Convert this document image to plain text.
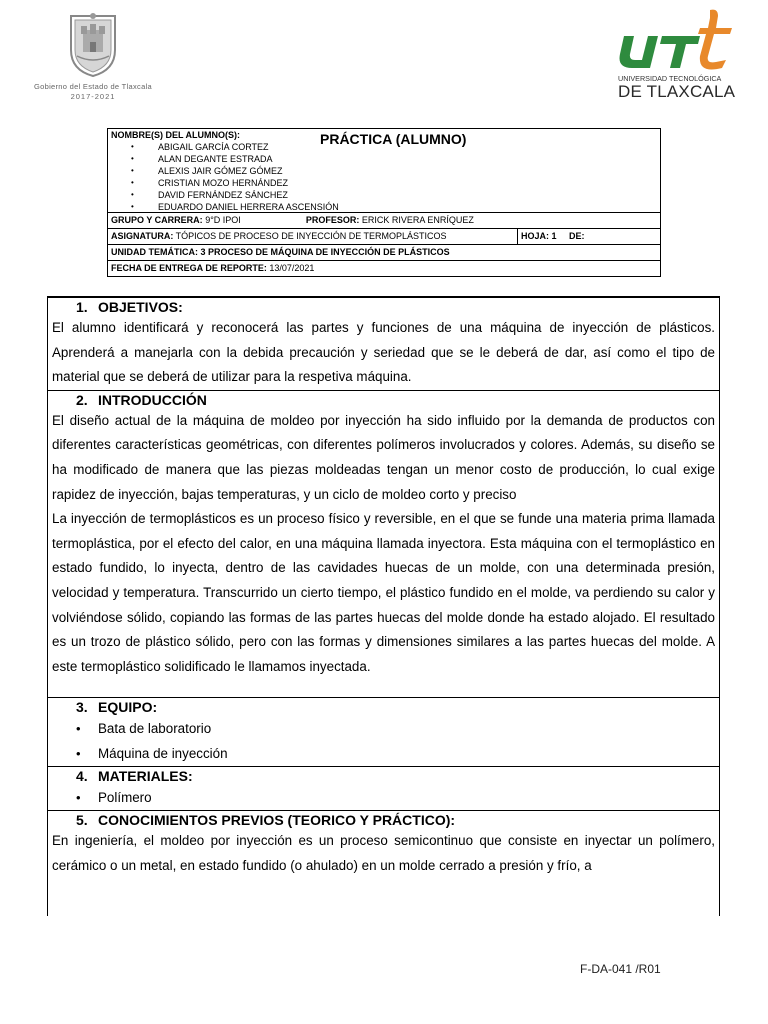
Gobierno del Estado de Tlaxcala
2017-2021
UNIVERSIDAD TECNOLÓGICA
DE TLAXCALA
NOMBRE(S) DEL ALUMNO(S):	PRÁCTICA (ALUMNO)
• ABIGAIL GARCÍA CORTEZ
• ALAN DEGANTE ESTRADA
• ALEXIS JAIR GÓMEZ GÓMEZ
• CRISTIAN MOZO HERNÁNDEZ
• DAVID FERNÁNDEZ SÁNCHEZ
• EDUARDO DANIEL HERRERA ASCENSIÓN
GRUPO Y CARRERA: 9°D IPOI	PROFESOR: ERICK RIVERA ENRÍQUEZ
ASIGNATURA: TÓPICOS DE PROCESO DE INYECCIÓN DE TERMOPLÁSTICOS	HOJA: 1 DE:
UNIDAD TEMÁTICA: 3 PROCESO DE MÁQUINA DE INYECCIÓN DE PLÁSTICOS
FECHA DE ENTREGA DE REPORTE: 13/07/2021
1. OBJETIVOS:

El alumno identificará y reconocerá las partes y funciones de una máquina de inyección de plásticos. Aprenderá a manejarla con la debida precaución y seriedad que se le deberá de dar, así como el tipo de material que se deberá de utilizar para la respetiva máquina.

2. INTRODUCCIÓN

El diseño actual de la máquina de moldeo por inyección ha sido influido por la demanda de productos con diferentes características geométricas, con diferentes polímeros involucrados y colores. Además, su diseño se ha modificado de manera que las piezas moldeadas tengan un menor costo de producción, lo cual exige rapidez de inyección, bajas temperaturas, y un ciclo de moldeo corto y preciso

La inyección de termoplásticos es un proceso físico y reversible, en el que se funde una materia prima llamada termoplástica, por el efecto del calor, en una máquina llamada inyectora. Esta máquina con el termoplástico en estado fundido, lo inyecta, dentro de las cavidades huecas de un molde, con una determinada presión, velocidad y temperatura. Transcurrido un cierto tiempo, el plástico fundido en el molde, va perdiendo su calor y volviéndose sólido, copiando las formas de las partes huecas del molde donde ha estado alojado. El resultado es un trozo de plástico sólido, pero con las formas y dimensiones similares a las partes huecas del molde. A este termoplástico solidificado le llamamos inyectada.

3. EQUIPO:
• Bata de laboratorio
• Máquina de inyección
4. MATERIALES:
• Polímero
5. CONOCIMIENTOS PREVIOS (TEORICO Y PRÁCTICO):

En ingeniería, el moldeo por inyección es un proceso semicontinuo que consiste en inyectar un polímero, cerámico o un metal, en estado fundido (o ahulado) en un molde cerrado a presión y frío, a

F-DA-041 /R01
